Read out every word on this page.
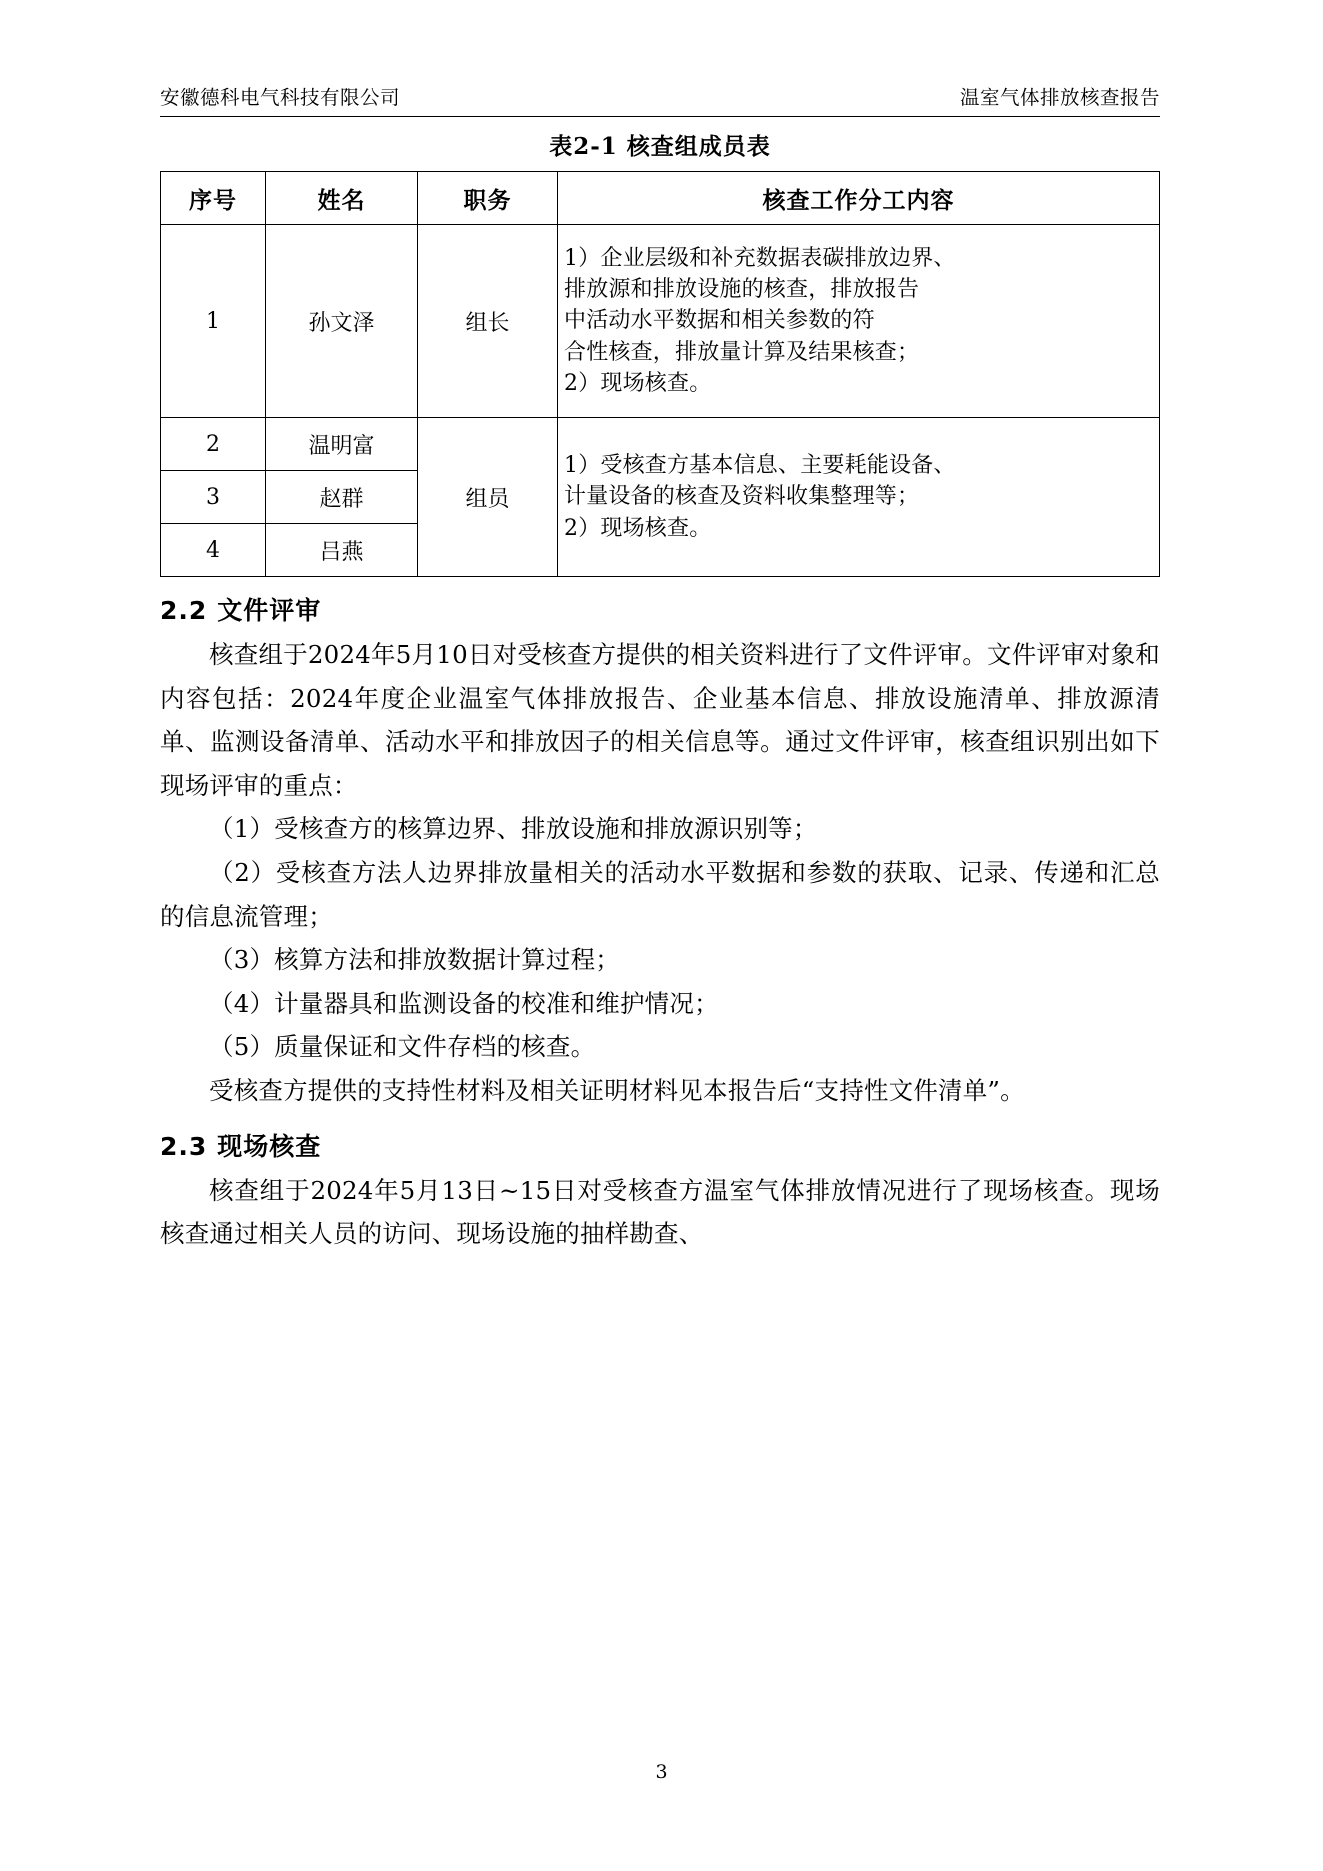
安徽德科电气科技有限公司	温室气体排放核查报告
表2-1 核查组成员表
序号	姓名	职务	核查工作分工内容
1	孙文泽	组长	1）企业层级和补充数据表碳排放边界、
排放源和排放设施的核查，排放报告
中活动水平数据和相关参数的符
合性核查，排放量计算及结果核查；
2）现场核查。

2	温明富	组员	1）受核查方基本信息、主要耗能设备、
计量设备的核查及资料收集整理等；
2）现场核查。

3	赵群		
4	吕燕		
2.2 文件评审

核查组于2024年5月10日对受核查方提供的相关资料进行了文件评审。文件评审对象和内容包括：2024年度企业温室气体排放报告、企业基本信息、排放设施清单、排放源清单、监测设备清单、活动水平和排放因子的相关信息等。通过文件评审，核查组识别出如下现场评审的重点：

（1）受核查方的核算边界、排放设施和排放源识别等；

（2）受核查方法人边界排放量相关的活动水平数据和参数的获取、记录、传递和汇总的信息流管理；

（3）核算方法和排放数据计算过程；

（4）计量器具和监测设备的校准和维护情况；

（5）质量保证和文件存档的核查。

受核查方提供的支持性材料及相关证明材料见本报告后“支持性文件清单”。

2.3 现场核查

核查组于2024年5月13日~15日对受核查方温室气体排放情况进行了现场核查。现场核查通过相关人员的访问、现场设施的抽样勘查、

3
